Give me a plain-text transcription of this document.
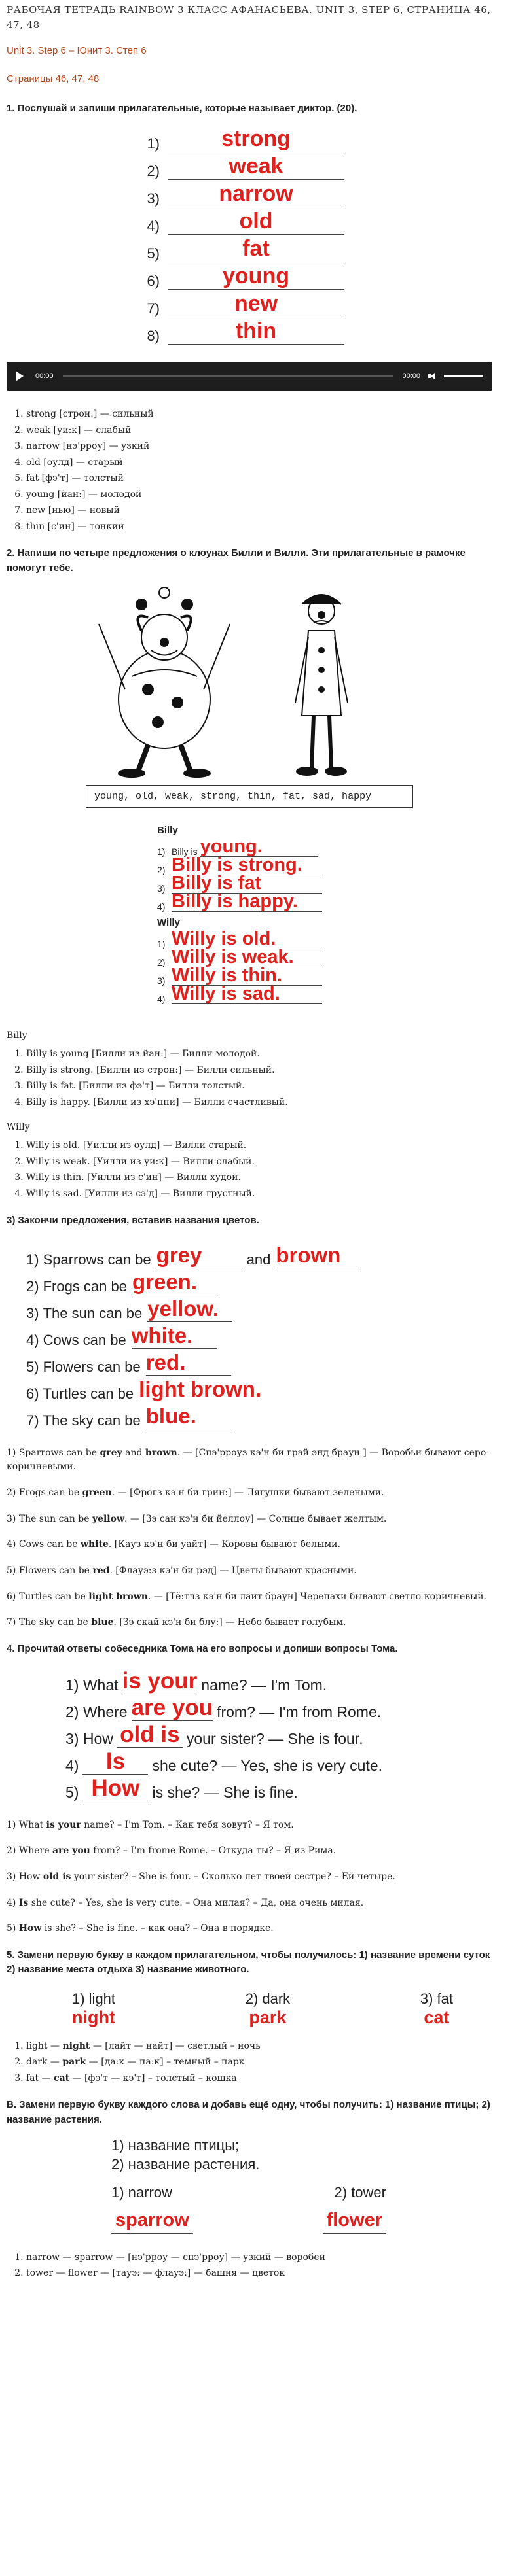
РАБОЧАЯ ТЕТРАДЬ RAINBOW 3 КЛАСС АФАНАСЬЕВА. UNIT 3, STEP 6, СТРАНИЦА 46, 47, 48
Unit 3. Step 6 – Юнит 3. Степ 6
Страницы 46, 47, 48
1. Послушай и запиши прилагательные, которые называет диктор. (20).
1)	strong
2)	weak
3)	narrow
4)	old
5)	fat
6)	young
7)	new
8)	thin
00:00	00:00
1. strong [строн:] — сильный
2. weak [уи:к] — слабый
3. narrow [нэ'рроу] — узкий
4. old [оулд] — старый
5. fat [фэ'т] — толстый
6. young [йан:] — молодой
7. new [нью] — новый
8. thin [с'ин] — тонкий
2. Напиши по четыре предложения о клоунах Билли и Вилли. Эти прилагательные в рамочке помогут тебе.
young, old, weak, strong, thin, fat, sad, happy
Billy
1) Billy is young.
2) Billy is strong.
3) Billy is fat
4) Billy is happy.
Willy
1) Willy is old.
2) Willy is weak.
3) Willy is thin.
4) Willy is sad.
Billy
1. Billy is young [Билли из йан:] — Билли молодой.
2. Billy is strong. [Билли из строн:] — Билли сильный.
3. Billy is fat. [Билли из фэ'т] — Билли толстый.
4. Billy is happy. [Билли из хэ'ппи] — Билли счастливый.
Willy
1. Willy is old. [Уилли из оулд] — Вилли старый.
2. Willy is weak. [Уилли из уи:к] — Вилли слабый.
3. Willy is thin. [Уилли из с'ин] — Вилли худой.
4. Willy is sad. [Уилли из сэ'д] — Вилли грустный.
3) Закончи предложения, вставив названия цветов.
1) Sparrows can be grey	and brown
2) Frogs can be green.
3) The sun can be yellow.
4) Cows can be white.
5) Flowers can be red.
6) Turtles can be light brown.
7) The sky can be blue.

1) Sparrows can be grey and brown. — [Спэ'рроуз кэ'н би грэй энд браун ] — Воробьи бывают серо-коричневыми.

2) Frogs can be green. — [Фрогз кэ'н би грин:] — Лягушки бывают зелеными.

3) The sun can be yellow. — [Зэ сан кэ'н би йеллоу] — Солнце бывает желтым.

4) Cows can be white. [Кауз кэ'н би уайт] — Коровы бывают белыми.

5) Flowers can be red. [Флауэ:з кэ'н би рэд] — Цветы бывают красными.

6) Turtles can be light brown. — [Тё:тлз кэ'н би лайт браун] Черепахи бывают светло-коричневый.

7) The sky can be blue. [Зэ скай кэ'н би блу:] — Небо бывает голубым.

4. Прочитай ответы собеседника Тома на его вопросы и допиши вопросы Тома.
1) What is your name? — I'm Tom.
2) Where are you from? — I'm from Rome.
3) How old is your sister? — She is four.
4)	Is	she cute? — Yes, she is very cute.
5) How is she? — She is fine.

1) What is your name? – I'm Tom. – Как тебя зовут? – Я том.

2) Where are you from? – I'm frome Rome. – Откуда ты? – Я из Рима.

3) How old is your sister? – She is four. – Сколько лет твоей сестре? – Ей четыре.

4) Is she cute? – Yes, she is very cute. – Она милая? – Да, она очень милая.

5) How is she? – She is fine. – как она? – Она в порядке.

5. Замени первую букву в каждом прилагательном, чтобы получилось: 1) название времени суток 2) название места отдыха 3) название животного.
1) light
night
2) dark
park
3) fat
cat
1. light — night — [лайт — найт] — светлый – ночь
2. dark — park — [да:к — па:к] – темный – парк
3. fat — cat — [фэ'т — кэ'т] – толстый – кошка
В. Замени первую букву каждого слова и добавь ещё одну, чтобы получить: 1) название птицы; 2) название растения.
1) название птицы;
2) название растения.
1) narrow	2) tower
sparrow	flower
1. narrow — sparrow — [нэ'рроу — спэ'рроу] — узкий — воробей
2. tower — flower — [тауэ: — флауэ:] — башня — цветок
